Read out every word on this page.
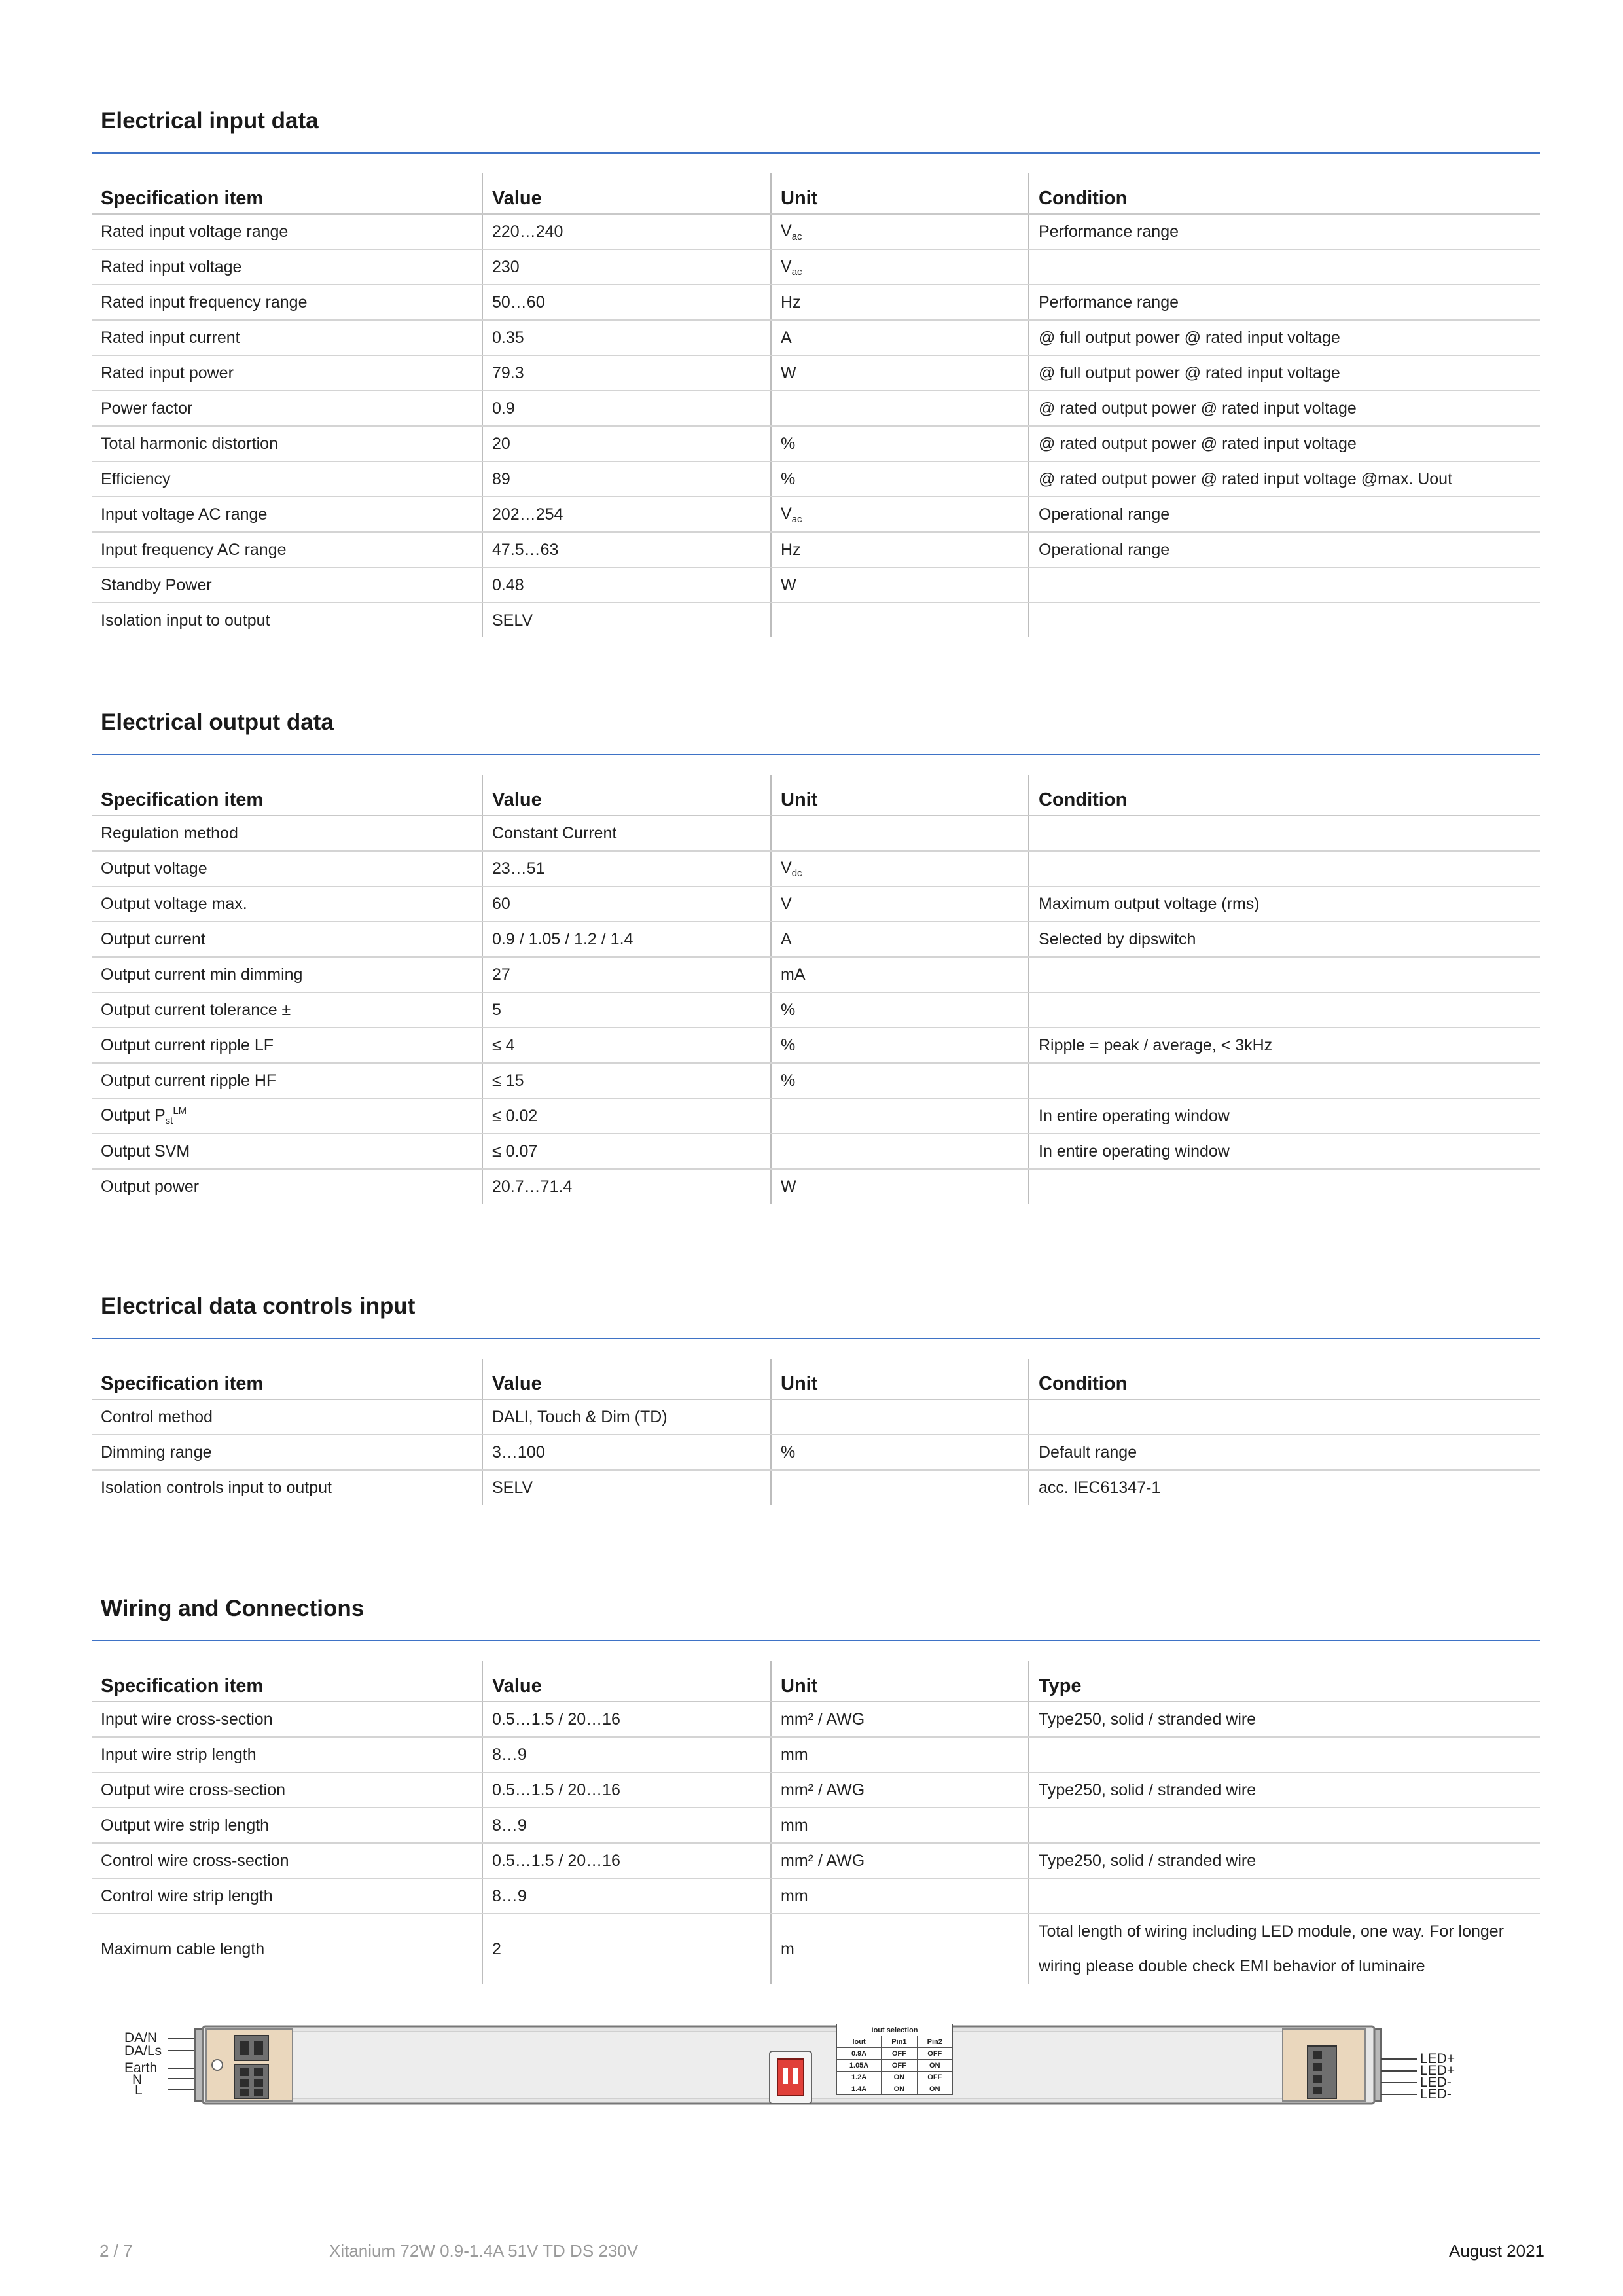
Electrical input data
Specification item	Value	Unit	Condition
Rated input voltage range	220…240	$V_{ac}$	Performance range
Rated input voltage	230	$V_{ac}$	
Rated input frequency range	50…60	Hz	Performance range
Rated input current	0.35	A	@ full output power @ rated input voltage
Rated input power	79.3	W	@ full output power @ rated input voltage
Power factor	0.9		@ rated output power @ rated input voltage
Total harmonic distortion	20	%	@ rated output power @ rated input voltage
Efficiency	89	%	@ rated output power @ rated input voltage @max. Uout
Input voltage AC range	202…254	$V_{ac}$	Operational range
Input frequency AC range	47.5…63	Hz	Operational range
Standby Power	0.48	W	
Isolation input to output	SELV		
Electrical output data
Specification item	Value	Unit	Condition
Regulation method	Constant Current		
Output voltage	23…51	$V_{dc}$	
Output voltage max.	60	V	Maximum output voltage (rms)
Output current	0.9 / 1.05 / 1.2 / 1.4	A	Selected by dipswitch
Output current min dimming	27	mA	
Output current tolerance ±	5	%	
Output current ripple LF	≤ 4	%	Ripple = peak / average, < 3kHz
Output current ripple HF	≤ 15	%	
Output $P_{st}^{LM}$	≤ 0.02		In entire operating window
Output SVM	≤ 0.07		In entire operating window
Output power	20.7…71.4	W	
Electrical data controls input
Specification item	Value	Unit	Condition
Control method	DALI, Touch & Dim (TD)		
Dimming range	3…100	%	Default range
Isolation controls input to output	SELV		acc. IEC61347-1
Wiring and Connections
Specification item	Value	Unit	Type
Input wire cross-section	0.5…1.5 / 20…16	mm² / AWG	Type250, solid / stranded wire
Input wire strip length	8…9	mm	
Output wire cross-section	0.5…1.5 / 20…16	mm² / AWG	Type250, solid / stranded wire
Output wire strip length	8…9	mm	
Control wire cross-section	0.5…1.5 / 20…16	mm² / AWG	Type250, solid / stranded wire
Control wire strip length	8…9	mm	
Maximum cable length	2	m	Total length of wiring including LED module, one way. For longer wiring please double check EMI behavior of luminaire
DA/N
DA/Ls
Earth
N
L
Iout selection		
Iout	Pin1	Pin2
0.9A	OFF	OFF
1.05A	OFF	ON
1.2A	ON	OFF
1.4A	ON	ON
LED+
LED+
LED-
LED-
2 / 7	Xitanium 72W 0.9-1.4A 51V TD DS 230V	August 2021
